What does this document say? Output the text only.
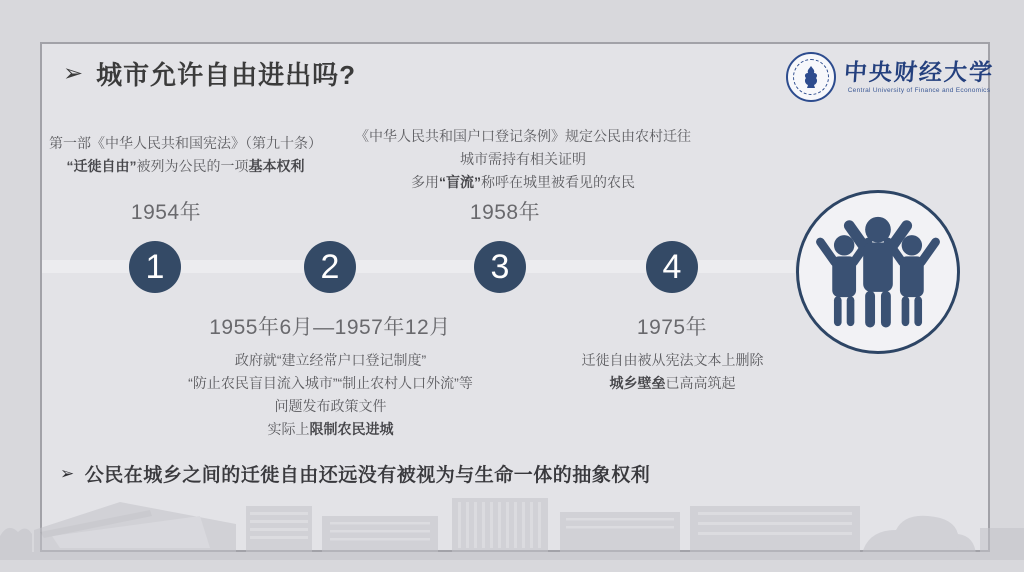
➢ 城市允许自由进出吗?	中央财经大学
Central University of Finance and Economics
1	2	3	4
1954年
1955年6月—1957年12月
1958年
1975年
第一部《中华人民共和国宪法》（第九十条）
“迁徙自由”被列为公民的一项基本权利
政府就“建立经常户口登记制度”
“防止农民盲目流入城市”“制止农村人口外流”等
问题发布政策文件
实际上限制农民进城
《中华人民共和国户口登记条例》规定公民由农村迁往
城市需持有相关证明
多用“盲流”称呼在城里被看见的农民
迁徙自由被从宪法文本上删除
城乡壁垒已高高筑起
➢ 公民在城乡之间的迁徙自由还远没有被视为与生命一体的抽象权利
